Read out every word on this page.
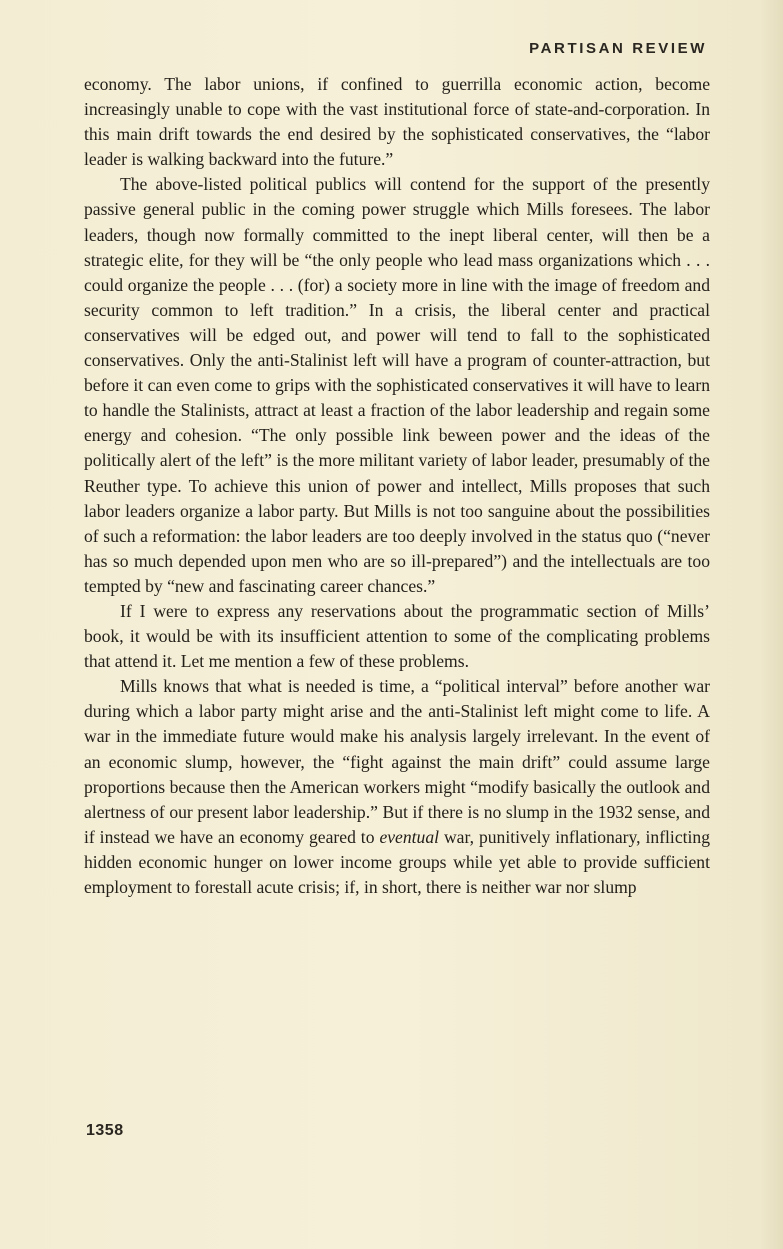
PARTISAN REVIEW

economy. The labor unions, if confined to guerrilla economic action, become increasingly unable to cope with the vast institutional force of state-and-corporation. In this main drift towards the end desired by the sophisticated conservatives, the “labor leader is walking backward into the future.”

The above-listed political publics will contend for the support of the presently passive general public in the coming power struggle which Mills foresees. The labor leaders, though now formally committed to the inept liberal center, will then be a strategic elite, for they will be “the only people who lead mass organizations which . . . could organize the people . . . (for) a society more in line with the image of freedom and security common to left tradition.” In a crisis, the liberal center and practical conservatives will be edged out, and power will tend to fall to the sophisticated conservatives. Only the anti-Stalinist left will have a program of counter-attraction, but before it can even come to grips with the sophisticated conservatives it will have to learn to handle the Stalinists, attract at least a fraction of the labor leadership and regain some energy and cohesion. “The only possible link beween power and the ideas of the politically alert of the left” is the more militant variety of labor leader, presumably of the Reuther type. To achieve this union of power and intellect, Mills proposes that such labor leaders organize a labor party. But Mills is not too sanguine about the possibilities of such a reformation: the labor leaders are too deeply involved in the status quo (“never has so much depended upon men who are so ill-prepared”) and the intellectuals are too tempted by “new and fascinating career chances.”

If I were to express any reservations about the programmatic section of Mills’ book, it would be with its insufficient attention to some of the complicating problems that attend it. Let me mention a few of these problems.

Mills knows that what is needed is time, a “political interval” before another war during which a labor party might arise and the anti-Stalinist left might come to life. A war in the immediate future would make his analysis largely irrelevant. In the event of an economic slump, however, the “fight against the main drift” could assume large proportions because then the American workers might “modify basically the outlook and alertness of our present labor leadership.” But if there is no slump in the 1932 sense, and if instead we have an economy geared to eventual war, punitively inflationary, inflicting hidden economic hunger on lower income groups while yet able to provide sufficient employment to forestall acute crisis; if, in short, there is neither war nor slump

1358
